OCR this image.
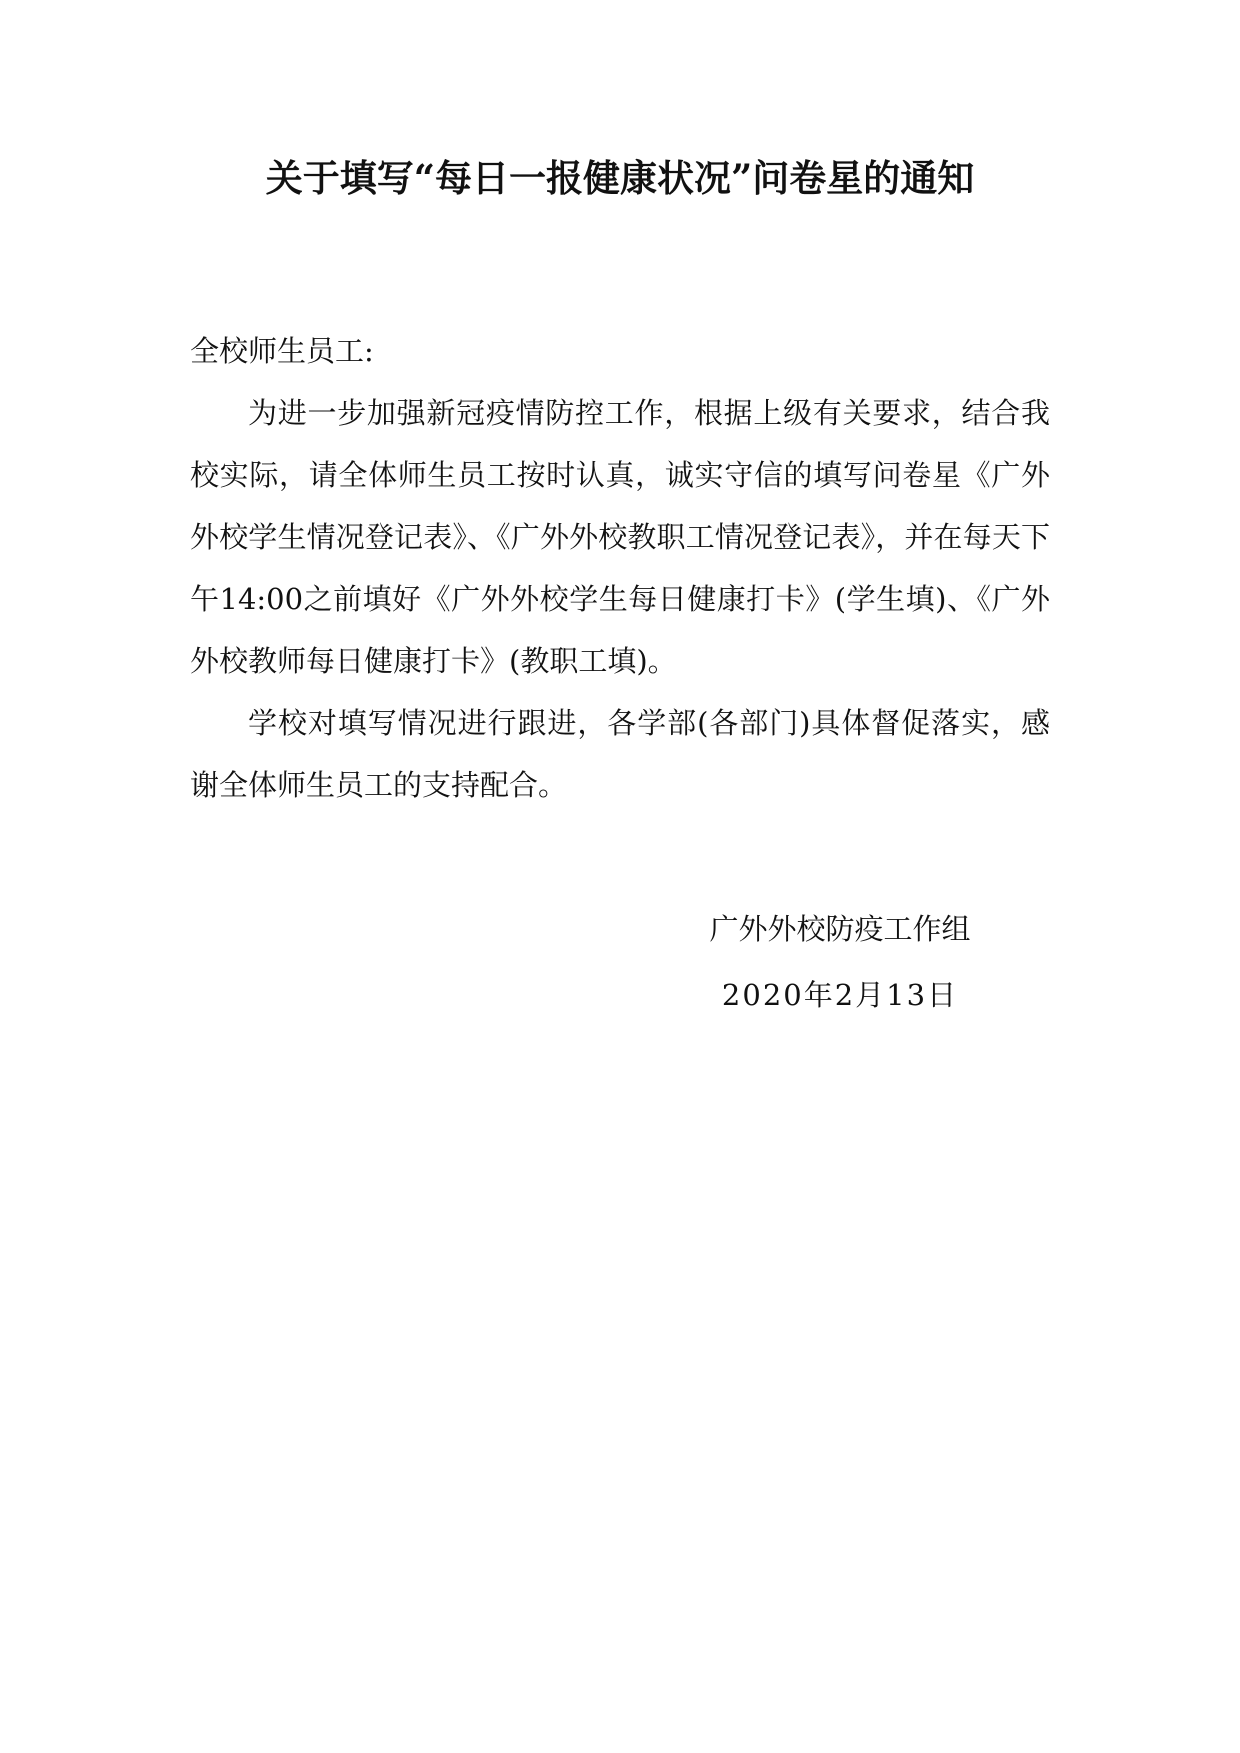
关于填写“每日一报健康状况”问卷星的通知

全校师生员工:

为进一步加强新冠疫情防控工作，根据上级有关要求，结合我校实际，请全体师生员工按时认真，诚实守信的填写问卷星《广外外校学生情况登记表》、《广外外校教职工情况登记表》，并在每天下午14:00之前填好《广外外校学生每日健康打卡》(学生填)、《广外外校教师每日健康打卡》(教职工填)。

学校对填写情况进行跟进，各学部(各部门)具体督促落实，感谢全体师生员工的支持配合。

广外外校防疫工作组
2020年2月13日
